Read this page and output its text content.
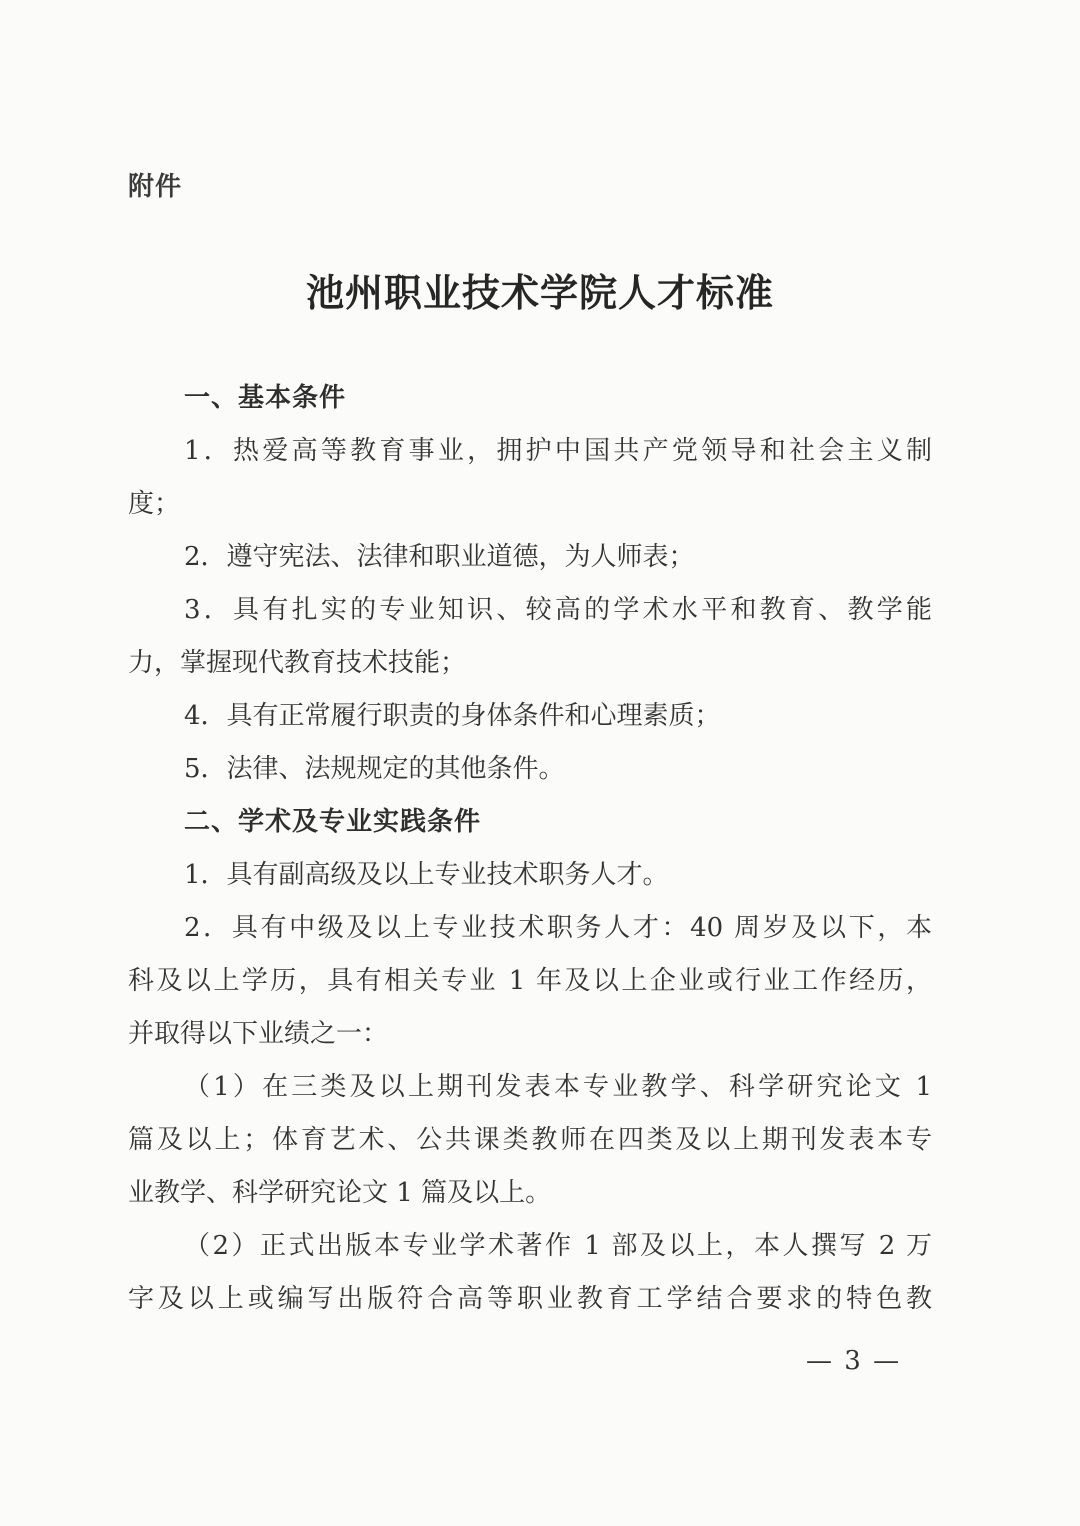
附件
池州职业技术学院人才标准
一、基本条件
1．热爱高等教育事业，拥护中国共产党领导和社会主义制
度；
2．遵守宪法、法律和职业道德，为人师表；
3．具有扎实的专业知识、较高的学术水平和教育、教学能
力，掌握现代教育技术技能；
4．具有正常履行职责的身体条件和心理素质；
5．法律、法规规定的其他条件。
二、学术及专业实践条件
1．具有副高级及以上专业技术职务人才。
2．具有中级及以上专业技术职务人才：40 周岁及以下，本
科及以上学历，具有相关专业 1 年及以上企业或行业工作经历，
并取得以下业绩之一：
（1）在三类及以上期刊发表本专业教学、科学研究论文 1
篇及以上；体育艺术、公共课类教师在四类及以上期刊发表本专
业教学、科学研究论文 1 篇及以上。
（2）正式出版本专业学术著作 1 部及以上，本人撰写 2 万
字及以上或编写出版符合高等职业教育工学结合要求的特色教
— 3 —
